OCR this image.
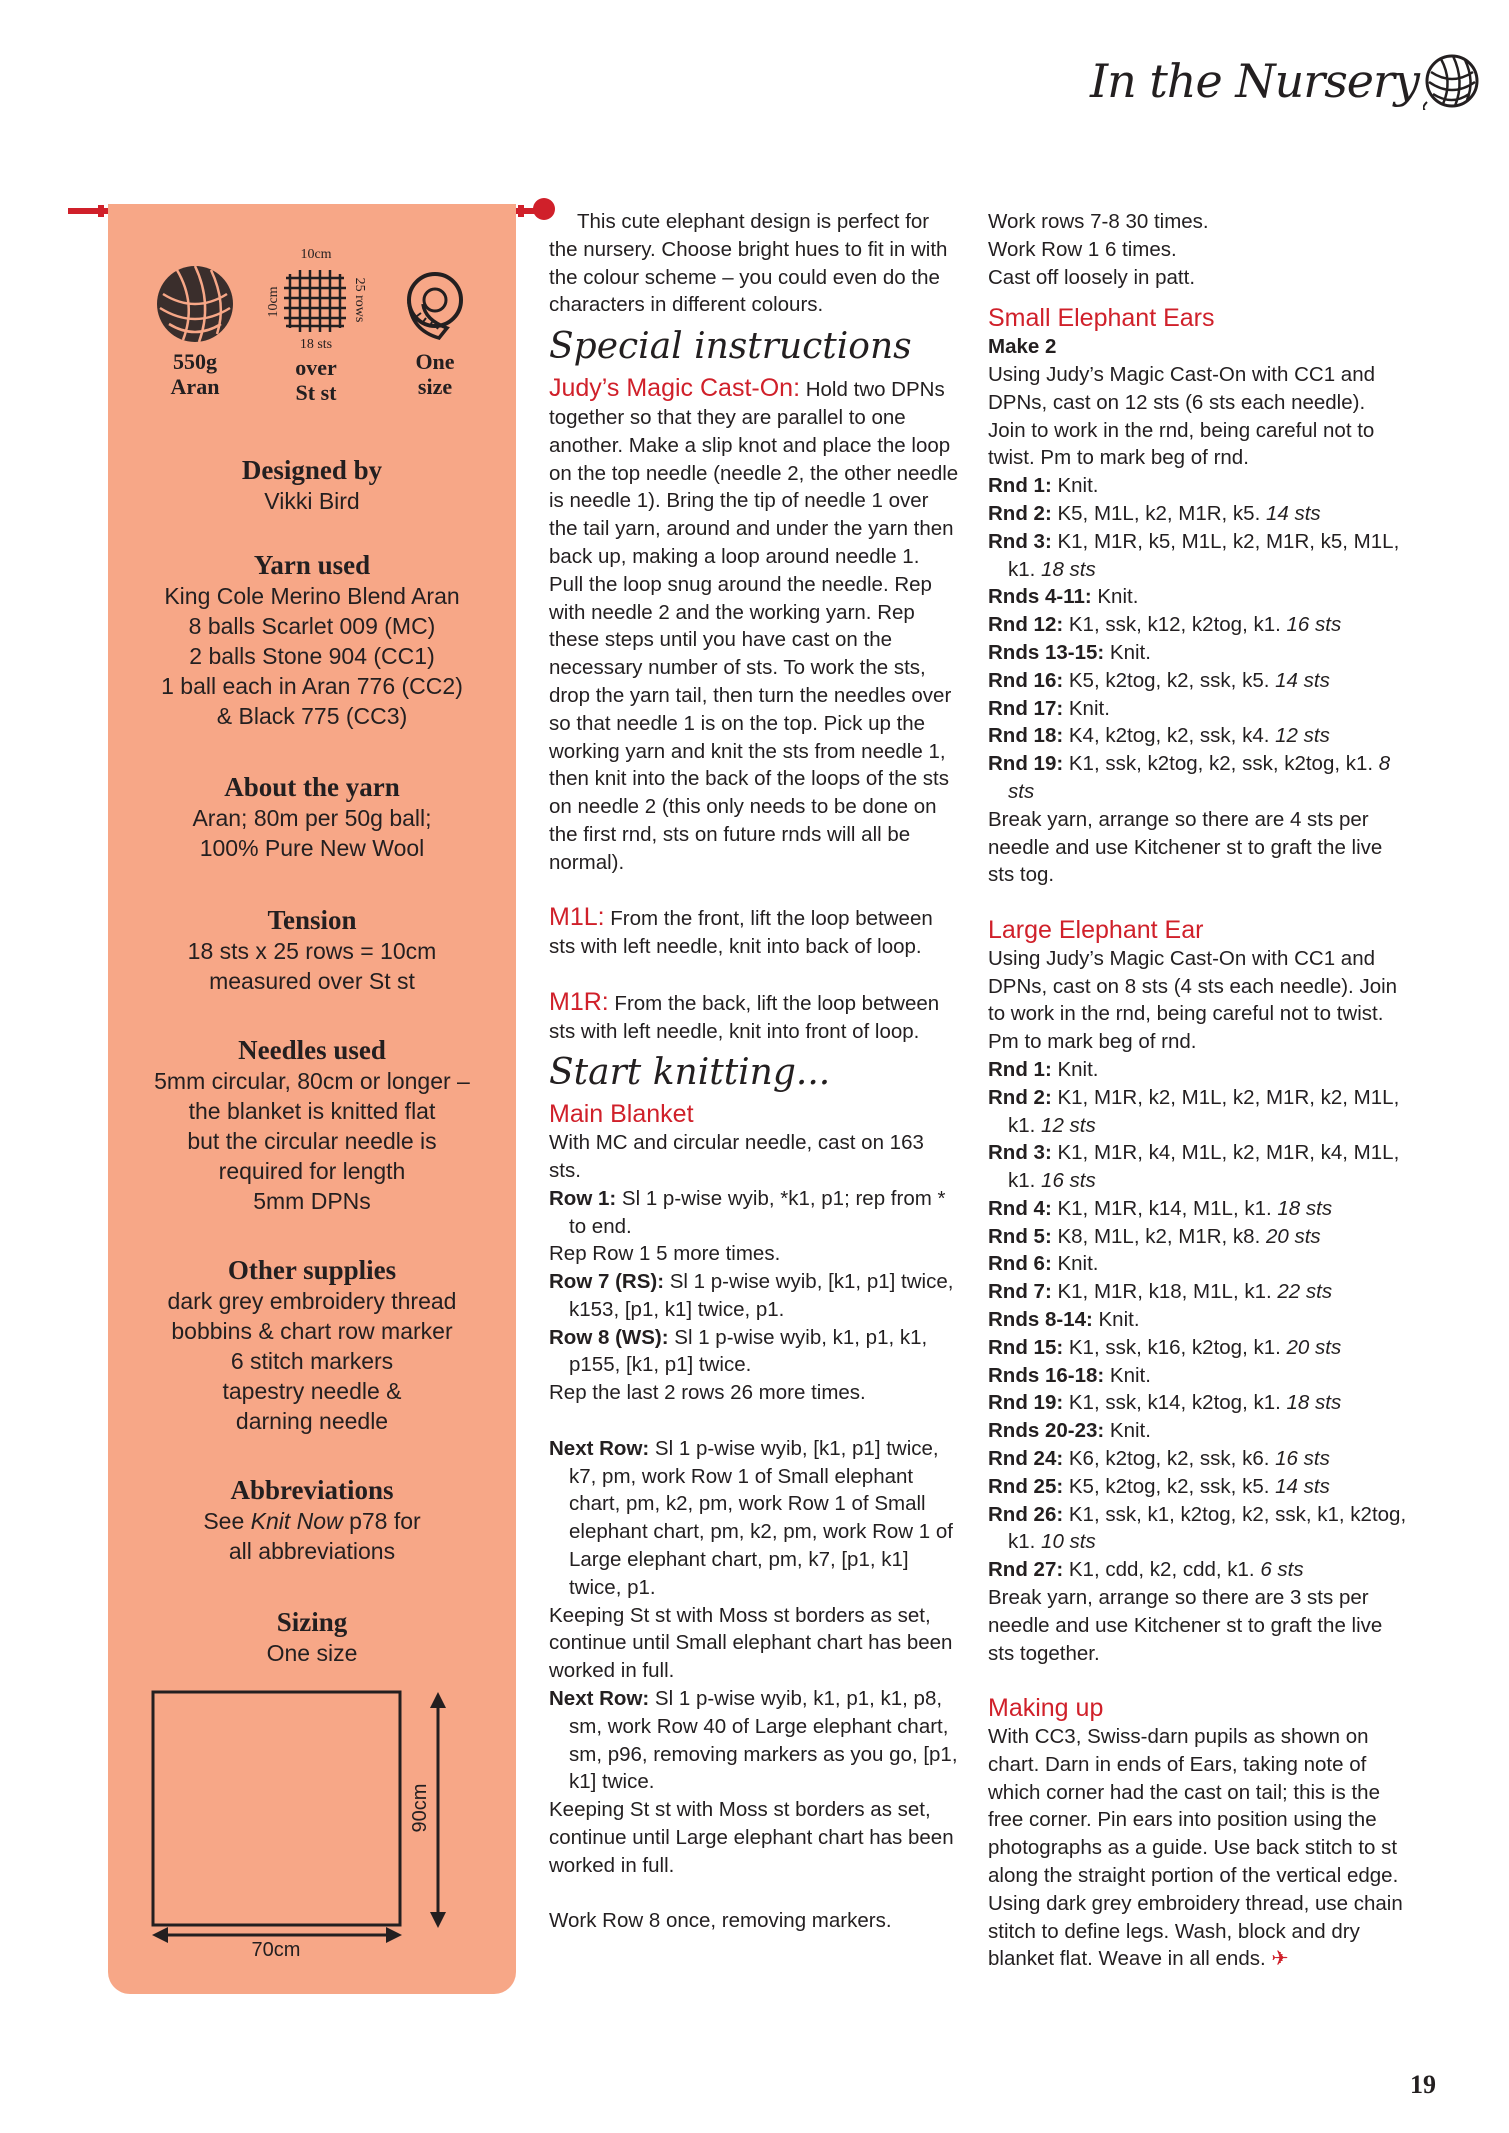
In the Nursery
550g
Aran
10cm
10cm	25 rows
18 sts
over
St st
One
size
Designed by
Vikki Bird
Yarn used
King Cole Merino Blend Aran
8 balls Scarlet 009 (MC)
2 balls Stone 904 (CC1)
1 ball each in Aran 776 (CC2)
& Black 775 (CC3)
About the yarn
Aran; 80m per 50g ball;
100% Pure New Wool
Tension
18 sts x 25 rows = 10cm
measured over St st
Needles used
5mm circular, 80cm or longer –
the blanket is knitted flat
but the circular needle is
required for length
5mm DPNs
Other supplies
dark grey embroidery thread
bobbins & chart row marker
6 stitch markers
tapestry needle &
darning needle
Abbreviations
See Knit Now p78 for
all abbreviations
Sizing
One size
90cm
70cm

This cute elephant design is perfect for the nursery. Choose bright hues to fit in with the colour scheme – you could even do the characters in different colours.

Special instructions

Judy’s Magic Cast-On: Hold two DPNs together so that they are parallel to one another. Make a slip knot and place the loop on the top needle (needle 2, the other needle is needle 1). Bring the tip of needle 1 over the tail yarn, around and under the yarn then back up, making a loop around needle 1. Pull the loop snug around the needle. Rep with needle 2 and the working yarn. Rep these steps until you have cast on the necessary number of sts. To work the sts, drop the yarn tail, then turn the needles over so that needle 1 is on the top. Pick up the working yarn and knit the sts from needle 1, then knit into the back of the loops of the sts on needle 2 (this only needs to be done on the first rnd, sts on future rnds will all be normal).

M1L: From the front, lift the loop between sts with left needle, knit into back of loop.

M1R: From the back, lift the loop between sts with left needle, knit into front of loop.

Start knitting...

Main Blanket

With MC and circular needle, cast on 163 sts.

Row 1: Sl 1 p-wise wyib, *k1, p1; rep from * to end.

Rep Row 1 5 more times.

Row 7 (RS): Sl 1 p-wise wyib, [k1, p1] twice, k153, [p1, k1] twice, p1.

Row 8 (WS): Sl 1 p-wise wyib, k1, p1, k1, p155, [k1, p1] twice.

Rep the last 2 rows 26 more times.

Next Row: Sl 1 p-wise wyib, [k1, p1] twice, k7, pm, work Row 1 of Small elephant chart, pm, k2, pm, work Row 1 of Small elephant chart, pm, k2, pm, work Row 1 of Large elephant chart, pm, k7, [p1, k1] twice, p1.

Keeping St st with Moss st borders as set, continue until Small elephant chart has been worked in full.

Next Row: Sl 1 p-wise wyib, k1, p1, k1, p8, sm, work Row 40 of Large elephant chart, sm, p96, removing markers as you go, [p1, k1] twice.

Keeping St st with Moss st borders as set, continue until Large elephant chart has been worked in full.

Work Row 8 once, removing markers.

Work rows 7-8 30 times.

Work Row 1 6 times.

Cast off loosely in patt.

Small Elephant Ears

Make 2

Using Judy’s Magic Cast-On with CC1 and DPNs, cast on 12 sts (6 sts each needle). Join to work in the rnd, being careful not to twist. Pm to mark beg of rnd.

Rnd 1: Knit.

Rnd 2: K5, M1L, k2, M1R, k5. 14 sts

Rnd 3: K1, M1R, k5, M1L, k2, M1R, k5, M1L, k1. 18 sts

Rnds 4-11: Knit.

Rnd 12: K1, ssk, k12, k2tog, k1. 16 sts

Rnds 13-15: Knit.

Rnd 16: K5, k2tog, k2, ssk, k5. 14 sts

Rnd 17: Knit.

Rnd 18: K4, k2tog, k2, ssk, k4. 12 sts

Rnd 19: K1, ssk, k2tog, k2, ssk, k2tog, k1. 8 sts

Break yarn, arrange so there are 4 sts per needle and use Kitchener st to graft the live sts tog.

Large Elephant Ear

Using Judy’s Magic Cast-On with CC1 and DPNs, cast on 8 sts (4 sts each needle). Join to work in the rnd, being careful not to twist. Pm to mark beg of rnd.

Rnd 1: Knit.

Rnd 2: K1, M1R, k2, M1L, k2, M1R, k2, M1L, k1. 12 sts

Rnd 3: K1, M1R, k4, M1L, k2, M1R, k4, M1L, k1. 16 sts

Rnd 4: K1, M1R, k14, M1L, k1. 18 sts

Rnd 5: K8, M1L, k2, M1R, k8. 20 sts

Rnd 6: Knit.

Rnd 7: K1, M1R, k18, M1L, k1. 22 sts

Rnds 8-14: Knit.

Rnd 15: K1, ssk, k16, k2tog, k1. 20 sts

Rnds 16-18: Knit.

Rnd 19: K1, ssk, k14, k2tog, k1. 18 sts

Rnds 20-23: Knit.

Rnd 24: K6, k2tog, k2, ssk, k6. 16 sts

Rnd 25: K5, k2tog, k2, ssk, k5. 14 sts

Rnd 26: K1, ssk, k1, k2tog, k2, ssk, k1, k2tog, k1. 10 sts

Rnd 27: K1, cdd, k2, cdd, k1. 6 sts

Break yarn, arrange so there are 3 sts per needle and use Kitchener st to graft the live sts together.

Making up

With CC3, Swiss-darn pupils as shown on chart. Darn in ends of Ears, taking note of which corner had the cast on tail; this is the free corner. Pin ears into position using the photographs as a guide. Use back stitch to st along the straight portion of the vertical edge. Using dark grey embroidery thread, use chain stitch to define legs. Wash, block and dry blanket flat. Weave in all ends. ✈

19
